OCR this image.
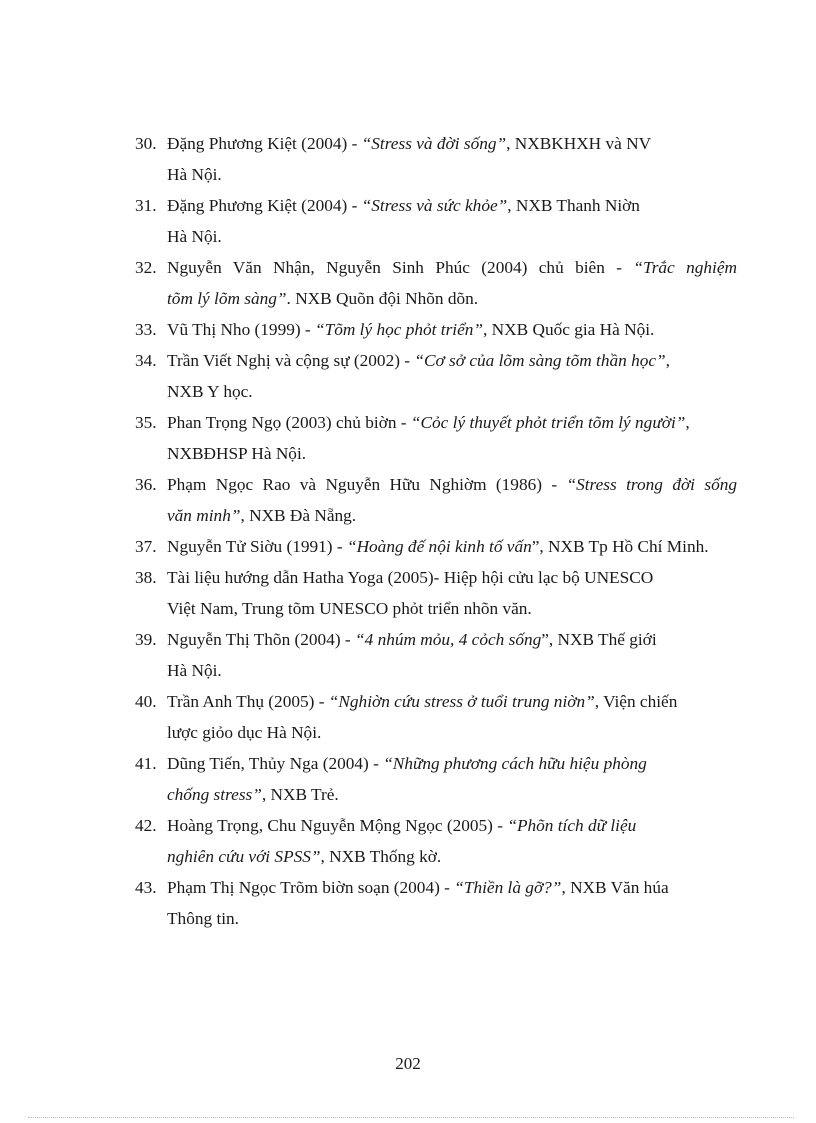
30. Đặng Phương Kiệt (2004) - “Stress và đời sống”, NXBKHXH và NV
Hà Nội.
31. Đặng Phương Kiệt (2004) - “Stress và sức khỏe”, NXB Thanh Niờn
Hà Nội.
32. Nguyễn Văn Nhận, Nguyễn Sinh Phúc (2004) chủ biên - “Trắc nghiệm
tõm lý lõm sàng”. NXB Quõn đội Nhõn dõn.
33. Vũ Thị Nho (1999) - “Tõm lý học phỏt triển”, NXB Quốc gia Hà Nội.
34. Trần Viết Nghị và cộng sự (2002) - “Cơ sở của lõm sàng tõm thần học”,
NXB Y học.
35. Phan Trọng Ngọ (2003) chủ biờn - “Cỏc lý thuyết phỏt triển tõm lý người”,
NXBĐHSP Hà Nội.
36. Phạm Ngọc Rao và Nguyễn Hữu Nghiờm (1986) - “Stress trong đời sống
văn minh”, NXB Đà Nẵng.
37. Nguyễn Tử Siờu (1991) - “Hoàng đế nội kinh tố vấn”, NXB Tp Hồ Chí Minh.
38. Tài liệu hướng dẫn Hatha Yoga (2005)- Hiệp hội cửu lạc bộ UNESCO
Việt Nam, Trung tõm UNESCO phỏt triển nhõn văn.
39. Nguyễn Thị Thõn (2004) - “4 nhúm mỏu, 4 cỏch sống”, NXB Thế giới
Hà Nội.
40. Trần Anh Thụ (2005) - “Nghiờn cứu stress ở tuổi trung niờn”, Viện chiến
lược giỏo dục Hà Nội.
41. Dũng Tiến, Thủy Nga (2004) - “Những phương cách hữu hiệu phòng
chống stress”, NXB Trẻ.
42. Hoàng Trọng, Chu Nguyễn Mộng Ngọc (2005) - “Phõn tích dữ liệu
nghiên cứu với SPSS”, NXB Thống kờ.
43. Phạm Thị Ngọc Trõm biờn soạn (2004) - “Thiền là gỡ?”, NXB Văn húa
Thông tin.
202
